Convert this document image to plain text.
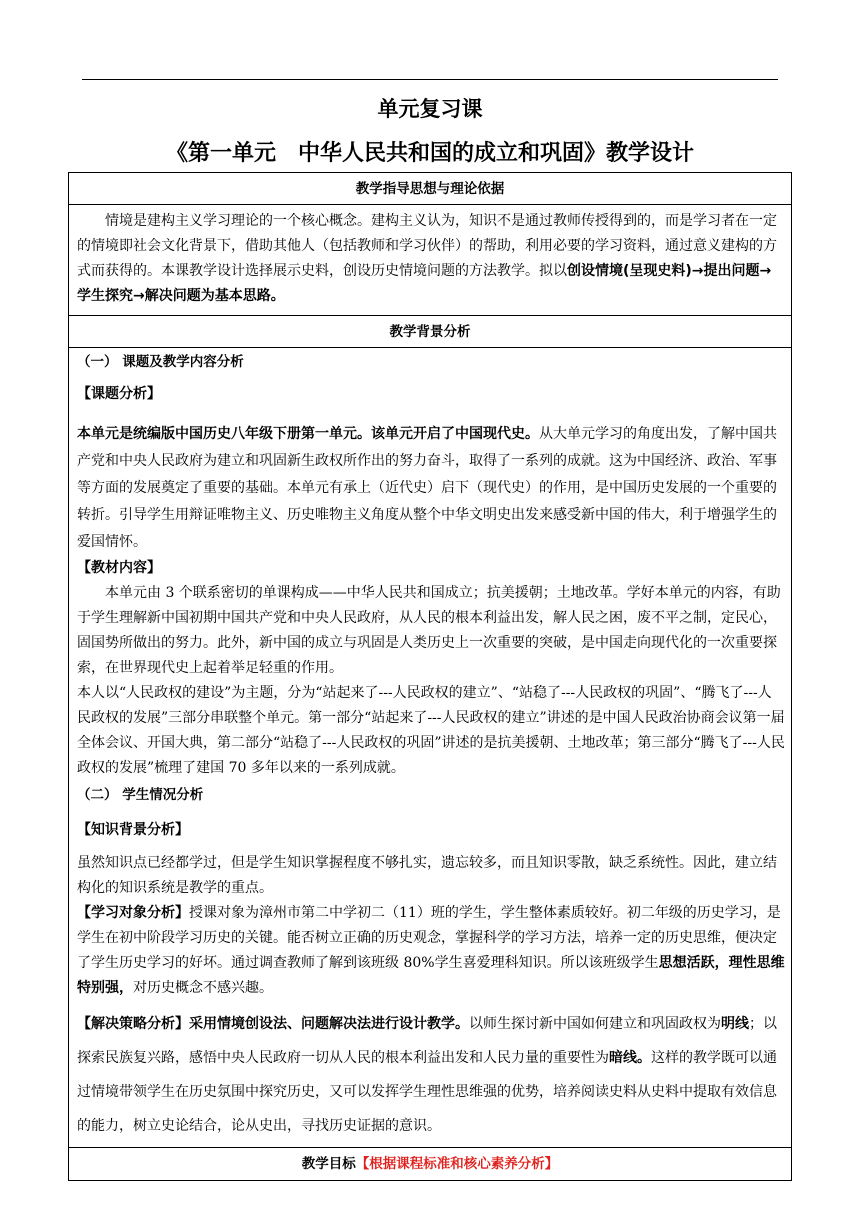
单元复习课
《第一单元　中华人民共和国的成立和巩固》教学设计
教学指导思想与理论依据

情境是建构主义学习理论的一个核心概念。建构主义认为，知识不是通过教师传授得到的，而是学习者在一定的情境即社会文化背景下，借助其他人（包括教师和学习伙伴）的帮助，利用必要的学习资料，通过意义建构的方式而获得的。本课教学设计选择展示史料，创设历史情境问题的方法教学。拟以创设情境(呈现史料)→提出问题→学生探究→解决问题为基本思路。

教学背景分析

（一） 课题及教学内容分析

【课题分析】

本单元是统编版中国历史八年级下册第一单元。该单元开启了中国现代史。从大单元学习的角度出发，了解中国共产党和中央人民政府为建立和巩固新生政权所作出的努力奋斗，取得了一系列的成就。这为中国经济、政治、军事等方面的发展奠定了重要的基础。本单元有承上（近代史）启下（现代史）的作用，是中国历史发展的一个重要的转折。引导学生用辩证唯物主义、历史唯物主义角度从整个中华文明史出发来感受新中国的伟大，利于增强学生的爱国情怀。

【教材内容】

本单元由 3 个联系密切的单课构成——中华人民共和国成立；抗美援朝；土地改革。学好本单元的内容，有助于学生理解新中国初期中国共产党和中央人民政府，从人民的根本利益出发，解人民之困，废不平之制，定民心，固国势所做出的努力。此外，新中国的成立与巩固是人类历史上一次重要的突破，是中国走向现代化的一次重要探索，在世界现代史上起着举足轻重的作用。

本人以“人民政权的建设”为主题，分为“站起来了---人民政权的建立”、“站稳了---人民政权的巩固”、“腾飞了---人民政权的发展”三部分串联整个单元。第一部分“站起来了---人民政权的建立”讲述的是中国人民政治协商会议第一届全体会议、开国大典，第二部分“站稳了---人民政权的巩固”讲述的是抗美援朝、土地改革；第三部分“腾飞了---人民政权的发展”梳理了建国 70 多年以来的一系列成就。

（二） 学生情况分析

【知识背景分析】

虽然知识点已经都学过，但是学生知识掌握程度不够扎实，遗忘较多，而且知识零散，缺乏系统性。因此，建立结构化的知识系统是教学的重点。

【学习对象分析】授课对象为漳州市第二中学初二（11）班的学生，学生整体素质较好。初二年级的历史学习，是学生在初中阶段学习历史的关键。能否树立正确的历史观念，掌握科学的学习方法，培养一定的历史思维，便决定了学生历史学习的好坏。通过调查教师了解到该班级 80%学生喜爱理科知识。所以该班级学生思想活跃，理性思维特别强，对历史概念不感兴趣。

【解决策略分析】采用情境创设法、问题解决法进行设计教学。以师生探讨新中国如何建立和巩固政权为明线；以探索民族复兴路，感悟中央人民政府一切从人民的根本利益出发和人民力量的重要性为暗线。这样的教学既可以通过情境带领学生在历史氛围中探究历史，又可以发挥学生理性思维强的优势，培养阅读史料从史料中提取有效信息的能力，树立史论结合，论从史出，寻找历史证据的意识。

教学目标【根据课程标准和核心素养分析】
